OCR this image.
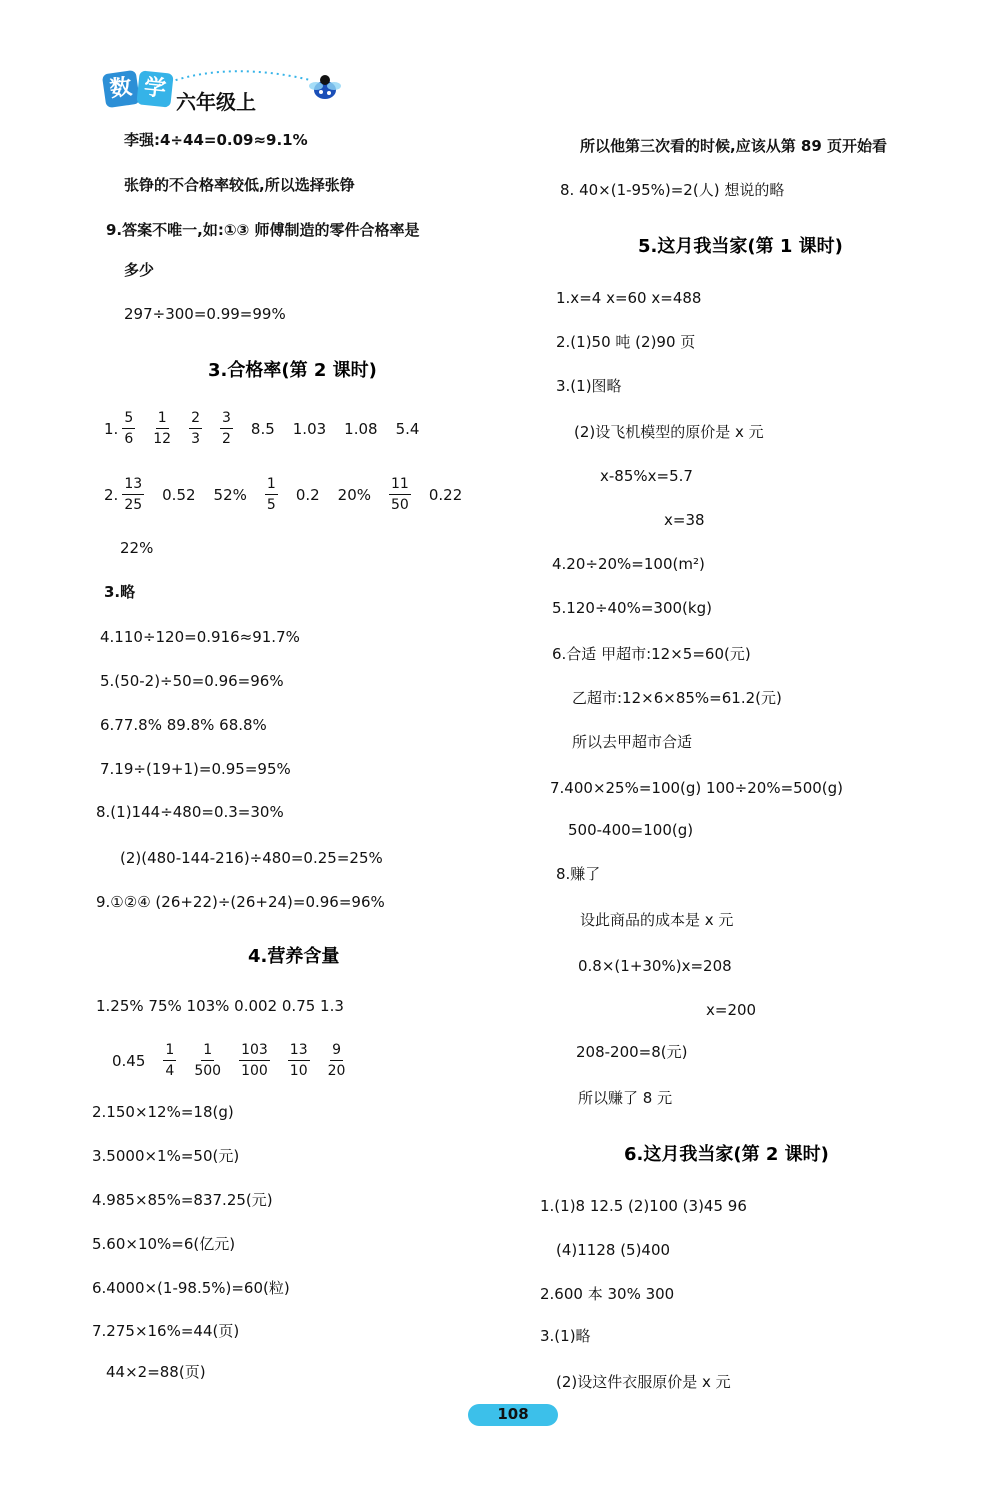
数 学 六年级上
李强:4÷44=0.09≈9.1%
张铮的不合格率较低,所以选择张铮
9.答案不唯一,如:①③ 师傅制造的零件合格率是
多少
297÷300=0.99=99%
3.合格率(第 2 课时)
1. $\frac{5}{6} \frac{1}{12} \frac{2}{3} \frac{3}{2} 8.5$ 1.03 1.08 5.4
2. $\frac{13}{25} 0.52$ $52\% \frac{1}{5} 0.2$ $20\% \frac{11}{50} 0.22$
22%
3.略
4.110÷120=0.916≈91.7%
5.(50-2)÷50=0.96=96%
6.77.8% 89.8% 68.8%
7.19÷(19+1)=0.95=95%
8.(1)144÷480=0.3=30%
(2)(480-144-216)÷480=0.25=25%
9.①②④ (26+22)÷(26+24)=0.96=96%
4.营养含量
1.25% 75% 103% 0.002 0.75 1.3
$0.45 \frac{1}{4} \frac{1}{500} \frac{103}{100} \frac{13}{10} \frac{9}{20}$
2.150×12%=18(g)
3.5000×1%=50(元)
4.985×85%=837.25(元)
5.60×10%=6(亿元)
6.4000×(1-98.5%)=60(粒)
7.275×16%=44(页)
44×2=88(页)
所以他第三次看的时候,应该从第 89 页开始看
8. 40×(1-95%)=2(人) 想说的略
5.这月我当家(第 1 课时)
1.x=4 x=60 x=488
2.(1)50 吨 (2)90 页
3.(1)图略
(2)设飞机模型的原价是 x 元
x-85%x=5.7
x=38
4.20÷20%=100(m²)
5.120÷40%=300(kg)
6.合适 甲超市:12×5=60(元)
乙超市:12×6×85%=61.2(元)
所以去甲超市合适
7.400×25%=100(g) 100÷20%=500(g)
500-400=100(g)
8.赚了
设此商品的成本是 x 元
0.8×(1+30%)x=208
x=200
208-200=8(元)
所以赚了 8 元
6.这月我当家(第 2 课时)
1.(1)8 12.5 (2)100 (3)45 96
(4)1128 (5)400
2.600 本 30% 300
3.(1)略
(2)设这件衣服原价是 x 元
108
